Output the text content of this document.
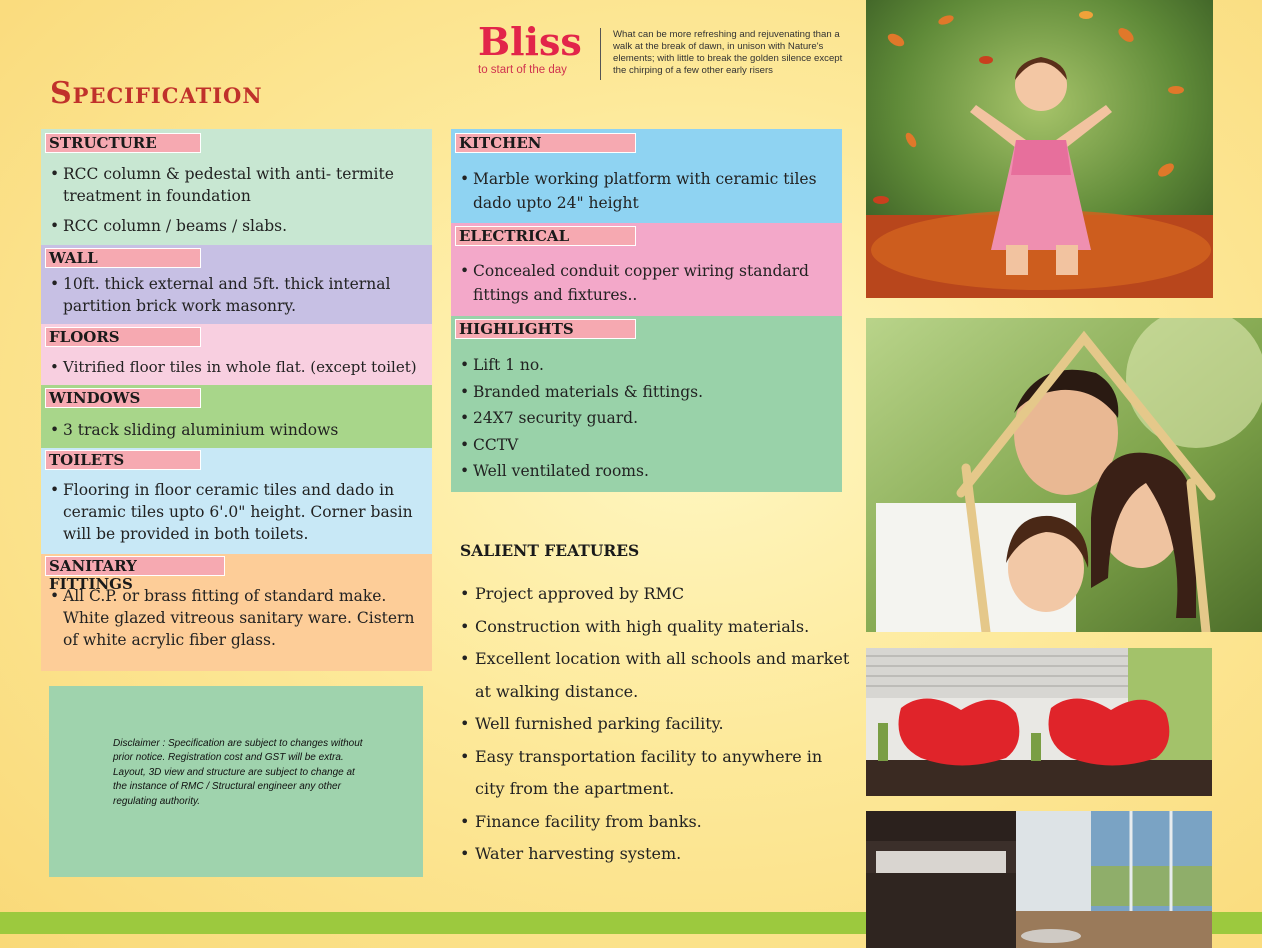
Specification
Bliss
to start of the day
What can be more refreshing and rejuvenating than a walk at the break of dawn, in unison with Nature's elements; with little to break the golden silence except the chirping of a few other early risers
STRUCTURE
• RCC column & pedestal with anti- termite treatment in foundation
• RCC column / beams / slabs.
WALL
• 10ft. thick external and 5ft. thick internal partition brick work masonry.
FLOORS
• Vitrified floor tiles in whole flat. (except toilet)
WINDOWS
• 3 track sliding aluminium windows
TOILETS
• Flooring in floor ceramic tiles and dado in ceramic tiles upto 6'.0" height. Corner basin will be provided in both toilets.
SANITARY FITTINGS
• All C.P. or brass fitting of standard make. White glazed vitreous sanitary ware. Cistern of white acrylic fiber glass.
Disclaimer : Specification are subject to changes without prior notice. Registration cost and GST will be extra. Layout, 3D view and structure are subject to change at the instance of RMC / Structural engineer any other regulating authority.
KITCHEN
• Marble working platform with ceramic tiles dado upto 24" height
ELECTRICAL
• Concealed conduit copper wiring standard fittings and fixtures..
HIGHLIGHTS
• Lift 1 no.
• Branded materials & fittings.
• 24X7 security guard.
• CCTV
• Well ventilated rooms.
SALIENT FEATURES
• Project approved by RMC
• Construction with high quality materials.
• Excellent location with all schools and market at walking distance.
• Well furnished parking facility.
• Easy transportation facility to anywhere in city from the apartment.
• Finance facility from banks.
• Water harvesting system.
